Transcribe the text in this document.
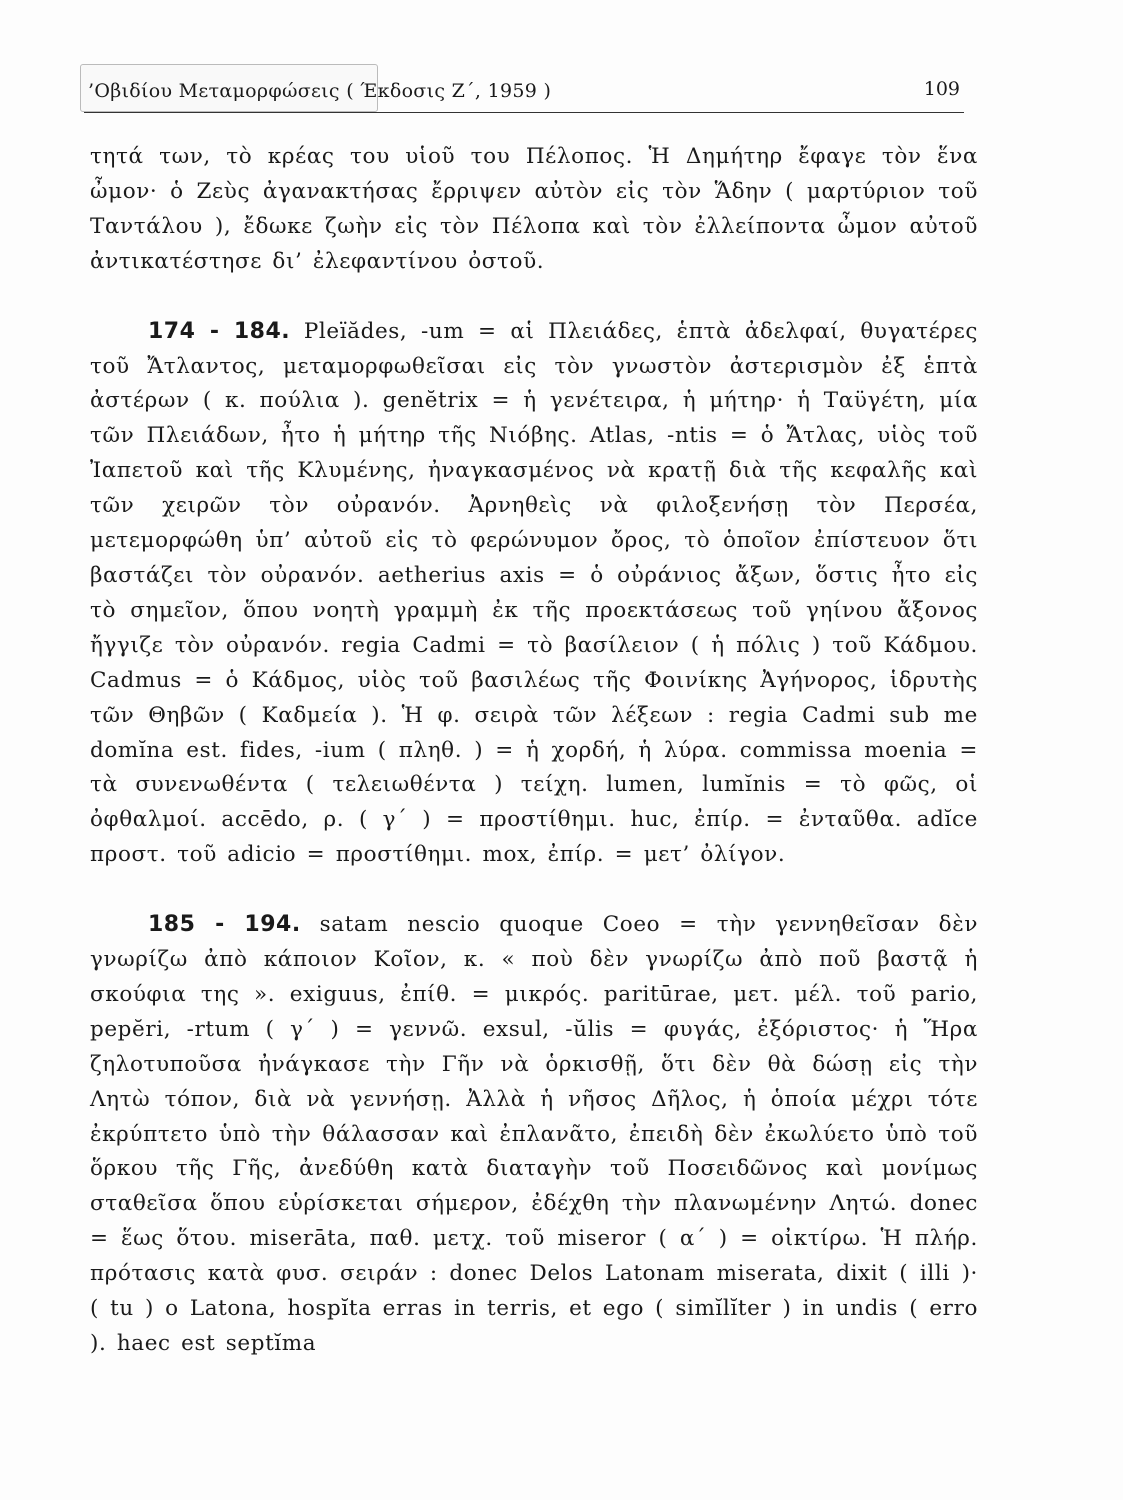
’Οβιδίου Μεταμορφώσεις ( Έκδοσις Ζ΄, 1959 )	109

τητά των, τὸ κρέας του υἱοῦ του Πέλοπος. Ἡ Δημήτηρ ἔφαγε τὸν ἕνα ὦμον· ὁ Ζεὺς ἀγανακτήσας ἔρριψεν αὐτὸν εἰς τὸν Ἅδην ( μαρτύριον τοῦ Ταντάλου ), ἔδωκε ζωὴν εἰς τὸν Πέλοπα καὶ τὸν ἐλλείποντα ὦμον αὐτοῦ ἀντικατέστησε δι’ ἐλεφαντίνου ὀστοῦ.

174 - 184. Pleïădes, -um = αἱ Πλειάδες, ἑπτὰ ἀδελφαί, θυγατέρες τοῦ Ἄτλαντος, μεταμορφωθεῖσαι εἰς τὸν γνωστὸν ἀστερισμὸν ἐξ ἑπτὰ ἀστέρων ( κ. πούλια ). genĕtrix = ἡ γενέτειρα, ἡ μήτηρ· ἡ Ταϋγέτη, μία τῶν Πλειάδων, ἦτο ἡ μήτηρ τῆς Νιόβης. Atlas, -ntis = ὁ Ἄτλας, υἱὸς τοῦ Ἰαπετοῦ καὶ τῆς Κλυμένης, ἠναγκασμένος νὰ κρατῇ διὰ τῆς κεφαλῆς καὶ τῶν χειρῶν τὸν οὐρανόν. Ἀρνηθεὶς νὰ φιλοξενήσῃ τὸν Περσέα, μετεμορφώθη ὑπ’ αὐτοῦ εἰς τὸ φερώνυμον ὄρος, τὸ ὁποῖον ἐπίστευον ὅτι βαστάζει τὸν οὐρανόν. aetherius axis = ὁ οὐράνιος ἄξων, ὅστις ἦτο εἰς τὸ σημεῖον, ὅπου νοητὴ γραμμὴ ἐκ τῆς προεκτάσεως τοῦ γηίνου ἄξονος ἤγγιζε τὸν οὐρανόν. regia Cadmi = τὸ βασίλειον ( ἡ πόλις ) τοῦ Κάδμου. Cadmus = ὁ Κάδμος, υἱὸς τοῦ βασιλέως τῆς Φοινίκης Ἀγήνορος, ἱδρυτὴς τῶν Θηβῶν ( Καδμεία ). Ἡ φ. σειρὰ τῶν λέξεων : regia Cadmi sub me domĭna est. fides, -ium ( πληθ. ) = ἡ χορδή, ἡ λύρα. commissa moenia = τὰ συνενωθέντα ( τελειωθέντα ) τείχη. lumen, lumĭnis = τὸ φῶς, οἱ ὀφθαλμοί. accēdo, ρ. ( γ΄ ) = προστίθημι. huc, ἐπίρ. = ἐνταῦθα. adĭce προστ. τοῦ adicio = προστίθημι. mox, ἐπίρ. = μετ’ ὀλίγον.

185 - 194. satam nescio quoque Coeo = τὴν γεννηθεῖσαν δὲν γνωρίζω ἀπὸ κάποιον Κοῖον, κ. « ποὺ δὲν γνωρίζω ἀπὸ ποῦ βαστᾷ ἡ σκούφια της ». exiguus, ἐπίθ. = μικρός. paritūrae, μετ. μέλ. τοῦ pario, pepĕri, -rtum ( γ΄ ) = γεννῶ. exsul, -ŭlis = φυγάς, ἐξόριστος· ἡ Ἥρα ζηλοτυποῦσα ἠνάγκασε τὴν Γῆν νὰ ὁρκισθῇ, ὅτι δὲν θὰ δώσῃ εἰς τὴν Λητὼ τόπον, διὰ νὰ γεννήσῃ. Ἀλλὰ ἡ νῆσος Δῆλος, ἡ ὁποία μέχρι τότε ἐκρύπτετο ὑπὸ τὴν θάλασσαν καὶ ἐπλανᾶτο, ἐπειδὴ δὲν ἐκωλύετο ὑπὸ τοῦ ὅρκου τῆς Γῆς, ἀνεδύθη κατὰ διαταγὴν τοῦ Ποσειδῶνος καὶ μονίμως σταθεῖσα ὅπου εὑρίσκεται σήμερον, ἐδέχθη τὴν πλανωμένην Λητώ. donec = ἕως ὅτου. miserāta, παθ. μετχ. τοῦ miseror ( α΄ ) = οἰκτίρω. Ἡ πλήρ. πρότασις κατὰ φυσ. σειράν : donec Delos Latonam miserata, dixit ( illi )· ( tu ) o Latona, hospĭta erras in terris, et ego ( simĭlĭter ) in undis ( erro ). haec est septĭma
